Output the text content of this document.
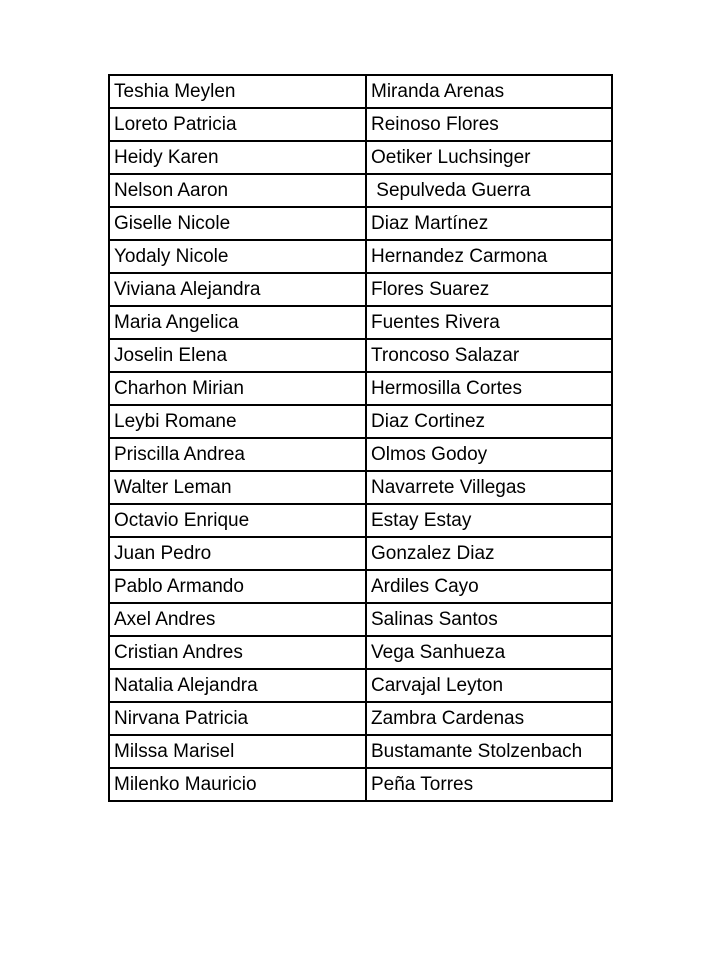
Teshia Meylen	Miranda Arenas
Loreto Patricia	Reinoso Flores
Heidy Karen	Oetiker Luchsinger
Nelson Aaron	Sepulveda Guerra
Giselle Nicole	Diaz Martínez
Yodaly Nicole	Hernandez Carmona
Viviana Alejandra	Flores Suarez
Maria Angelica	Fuentes Rivera
Joselin Elena	Troncoso Salazar
Charhon Mirian	Hermosilla Cortes
Leybi Romane	Diaz Cortinez
Priscilla Andrea	Olmos Godoy
Walter Leman	Navarrete Villegas
Octavio Enrique	Estay Estay
Juan Pedro	Gonzalez Diaz
Pablo Armando	Ardiles Cayo
Axel Andres	Salinas Santos
Cristian Andres	Vega Sanhueza
Natalia Alejandra	Carvajal Leyton
Nirvana Patricia	Zambra Cardenas
Milssa Marisel	Bustamante Stolzenbach
Milenko Mauricio	Peña Torres
